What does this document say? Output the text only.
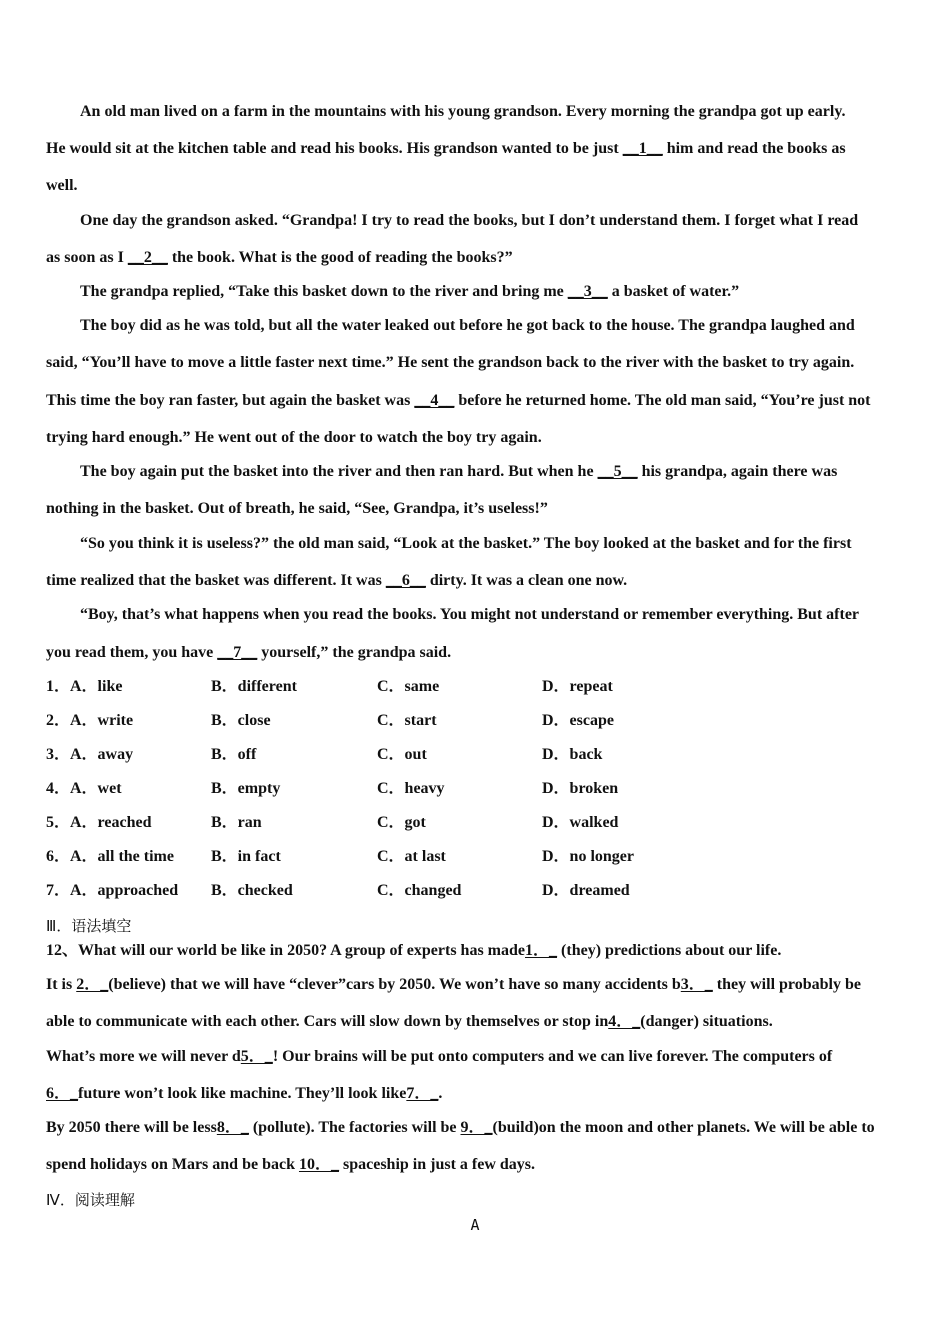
An old man lived on a farm in the mountains with his young grandson. Every morning the grandpa got up early.
He would sit at the kitchen table and read his books. His grandson wanted to be just __1__ him and read the books as
well.
One day the grandson asked. “Grandpa! I try to read the books, but I don’t understand them. I forget what I read
as soon as I __2__ the book. What is the good of reading the books?”
The grandpa replied, “Take this basket down to the river and bring me __3__ a basket of water.”
The boy did as he was told, but all the water leaked out before he got back to the house. The grandpa laughed and
said, “You’ll have to move a little faster next time.” He sent the grandson back to the river with the basket to try again.
This time the boy ran faster, but again the basket was __4__ before he returned home. The old man said, “You’re just not
trying hard enough.” He went out of the door to watch the boy try again.
The boy again put the basket into the river and then ran hard. But when he __5__ his grandpa, again there was
nothing in the basket. Out of breath, he said, “See, Grandpa, it’s useless!”
“So you think it is useless?” the old man said, “Look at the basket.” The boy looked at the basket and for the first
time realized that the basket was different. It was __6__ dirty. It was a clean one now.
“Boy, that’s what happens when you read the books. You might not understand or remember everything. But after
you read them, you have __7__ yourself,” the grandpa said.
1．A．like	B．different	C．same	D．repeat
2．A．write	B．close	C．start	D．escape
3．A．away	B．off	C．out	D．back
4．A．wet	B．empty	C．heavy	D．broken
5．A．reached	B．ran	C．got	D．walked
6．A．all the time B．in fact	C．at last	D．no longer
7．A．approached B．checked	C．changed	D．dreamed
Ⅲ．语法填空
12、What will our world be like in 2050? A group of experts has made1．_ (they) predictions about our life.
It is 2．_(believe) that we will have “clever”cars by 2050. We won’t have so many accidents b3．_ they will probably be
able to communicate with each other. Cars will slow down by themselves or stop in4．_(danger) situations.
What’s more we will never d5．_! Our brains will be put onto computers and we can live forever. The computers of
6．_future won’t look like machine. They’ll look like7．_.
By 2050 there will be less8．_ (pollute). The factories will be 9．_(build)on the moon and other planets. We will be able to
spend holidays on Mars and be back 10．_ spaceship in just a few days.
Ⅳ．阅读理解
A
